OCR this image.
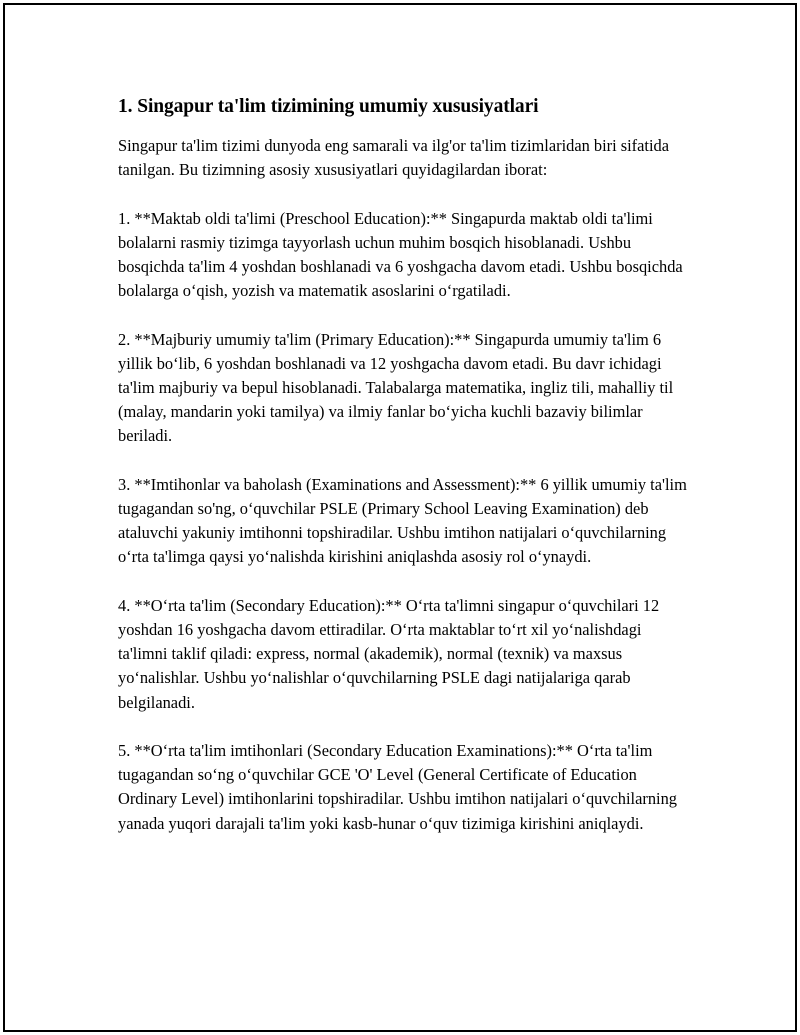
1. Singapur ta'lim tizimining umumiy xususiyatlari

Singapur ta'lim tizimi dunyoda eng samarali va ilg'or ta'lim tizimlaridan biri sifatida tanilgan. Bu tizimning asosiy xususiyatlari quyidagilardan iborat:

1. **Maktab oldi ta'limi (Preschool Education):** Singapurda maktab oldi ta'limi bolalarni rasmiy tizimga tayyorlash uchun muhim bosqich hisoblanadi. Ushbu bosqichda ta'lim 4 yoshdan boshlanadi va 6 yoshgacha davom etadi. Ushbu bosqichda bolalarga oʻqish, yozish va matematik asoslarini oʻrgatiladi.

2. **Majburiy umumiy ta'lim (Primary Education):** Singapurda umumiy ta'lim 6 yillik boʻlib, 6 yoshdan boshlanadi va 12 yoshgacha davom etadi. Bu davr ichidagi ta'lim majburiy va bepul hisoblanadi. Talabalarga matematika, ingliz tili, mahalliy til (malay, mandarin yoki tamilya) va ilmiy fanlar boʻyicha kuchli bazaviy bilimlar beriladi.

3. **Imtihonlar va baholash (Examinations and Assessment):** 6 yillik umumiy ta'lim tugagandan so'ng, oʻquvchilar PSLE (Primary School Leaving Examination) deb ataluvchi yakuniy imtihonni topshiradilar. Ushbu imtihon natijalari oʻquvchilarning oʻrta ta'limga qaysi yoʻnalishda kirishini aniqlashda asosiy rol oʻynaydi.

4. **Oʻrta ta'lim (Secondary Education):** Oʻrta ta'limni singapur oʻquvchilari 12 yoshdan 16 yoshgacha davom ettiradilar. Oʻrta maktablar toʻrt xil yoʻnalishdagi ta'limni taklif qiladi: express, normal (akademik), normal (texnik) va maxsus yoʻnalishlar. Ushbu yoʻnalishlar oʻquvchilarning PSLE dagi natijalariga qarab belgilanadi.

5. **Oʻrta ta'lim imtihonlari (Secondary Education Examinations):** Oʻrta ta'lim tugagandan soʻng oʻquvchilar GCE 'O' Level (General Certificate of Education Ordinary Level) imtihonlarini topshiradilar. Ushbu imtihon natijalari oʻquvchilarning yanada yuqori darajali ta'lim yoki kasb-hunar oʻquv tizimiga kirishini aniqlaydi.
